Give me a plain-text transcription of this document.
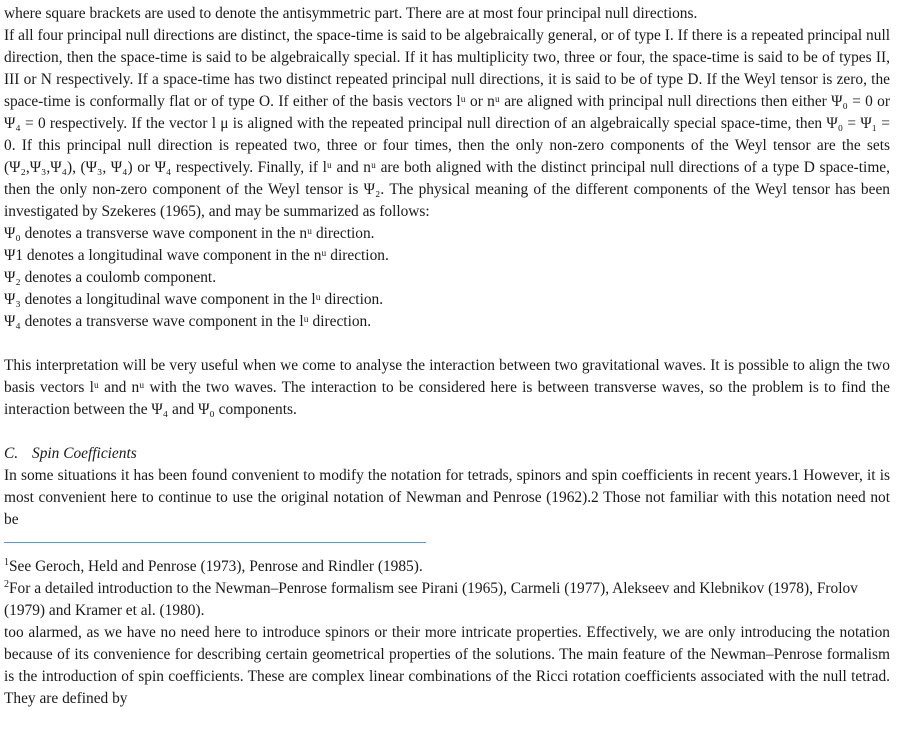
where square brackets are used to denote the antisymmetric part. There are at most four principal null directions.

If all four principal null directions are distinct, the space-time is said to be algebraically general, or of type I. If there is a repeated principal null direction, then the space-time is said to be algebraically special. If it has multiplicity two, three or four, the space-time is said to be of types II, III or N respectively. If a space-time has two distinct repeated principal null directions, it is said to be of type D. If the Weyl tensor is zero, the space-time is conformally flat or of type O. If either of the basis vectors lᵘ or nᵘ are aligned with principal null directions then either Ψ₀ = 0 or Ψ₄ = 0 respectively. If the vector l μ is aligned with the repeated principal null direction of an algebraically special space-time, then Ψ₀ = Ψ₁ = 0. If this principal null direction is repeated two, three or four times, then the only non-zero components of the Weyl tensor are the sets (Ψ₂,Ψ₃,Ψ₄), (Ψ₃, Ψ₄) or Ψ₄ respectively. Finally, if lᵘ and nᵘ are both aligned with the distinct principal null directions of a type D space-time, then the only non-zero component of the Weyl tensor is Ψ₂. The physical meaning of the different components of the Weyl tensor has been investigated by Szekeres (1965), and may be summarized as follows:

Ψ₀ denotes a transverse wave component in the nᵘ direction.

Ψ1 denotes a longitudinal wave component in the nᵘ direction.

Ψ₂ denotes a coulomb component.

Ψ₃ denotes a longitudinal wave component in the lᵘ direction.

Ψ₄ denotes a transverse wave component in the lᵘ direction.

This interpretation will be very useful when we come to analyse the interaction between two gravitational waves. It is possible to align the two basis vectors lᵘ and nᵘ with the two waves. The interaction to be considered here is between transverse waves, so the problem is to find the interaction between the Ψ₄ and Ψ₀ components.

C. Spin Coefficients

In some situations it has been found convenient to modify the notation for tetrads, spinors and spin coefficients in recent years.1 However, it is most convenient here to continue to use the original notation of Newman and Penrose (1962).2 Those not familiar with this notation need not be

$^1$See Geroch, Held and Penrose (1973), Penrose and Rindler (1985).

$^2$For a detailed introduction to the Newman–Penrose formalism see Pirani (1965), Carmeli (1977), Alekseev and Klebnikov (1978), Frolov (1979) and Kramer et al. (1980).

too alarmed, as we have no need here to introduce spinors or their more intricate properties. Effectively, we are only introducing the notation because of its convenience for describing certain geometrical properties of the solutions. The main feature of the Newman–Penrose formalism is the introduction of spin coefficients. These are complex linear combinations of the Ricci rotation coefficients associated with the null tetrad. They are defined by
